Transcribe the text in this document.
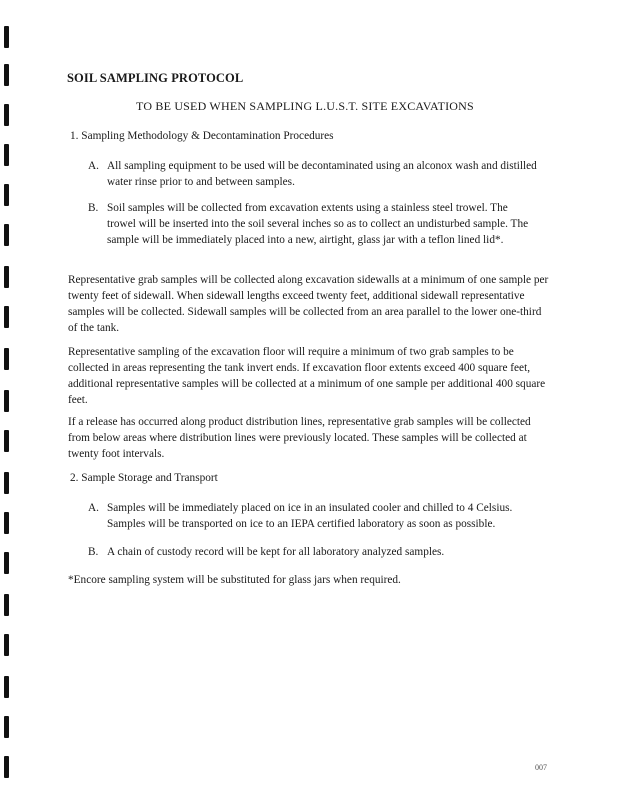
SOIL SAMPLING PROTOCOL

TO BE USED WHEN SAMPLING L.U.S.T. SITE EXCAVATIONS

1. Sampling Methodology & Decontamination Procedures

A. All sampling equipment to be used will be decontaminated using an alconox wash and distilled water rinse prior to and between samples.
B. Soil samples will be collected from excavation extents using a stainless steel trowel. The trowel will be inserted into the soil several inches so as to collect an undisturbed sample. The sample will be immediately placed into a new, airtight, glass jar with a teflon lined lid*.

Representative grab samples will be collected along excavation sidewalls at a minimum of one sample per twenty feet of sidewall. When sidewall lengths exceed twenty feet, additional sidewall representative samples will be collected. Sidewall samples will be collected from an area parallel to the lower one-third of the tank.

Representative sampling of the excavation floor will require a minimum of two grab samples to be collected in areas representing the tank invert ends. If excavation floor extents exceed 400 square feet, additional representative samples will be collected at a minimum of one sample per additional 400 square feet.

If a release has occurred along product distribution lines, representative grab samples will be collected from below areas where distribution lines were previously located. These samples will be collected at twenty foot intervals.

2. Sample Storage and Transport

A. Samples will be immediately placed on ice in an insulated cooler and chilled to 4 Celsius. Samples will be transported on ice to an IEPA certified laboratory as soon as possible.
B. A chain of custody record will be kept for all laboratory analyzed samples.

*Encore sampling system will be substituted for glass jars when required.

007
